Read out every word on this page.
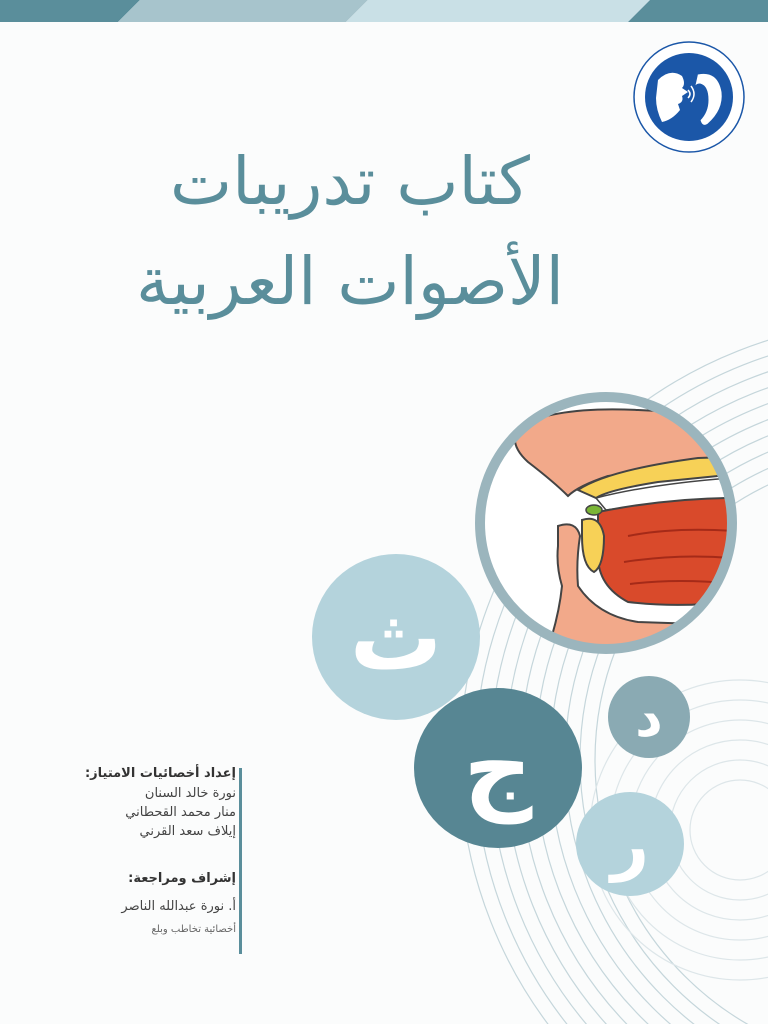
كتاب تدريبات
الأصوات العربية
ث
ج	د
ر
إعداد أخصائيات الامتياز:
نورة خالد السنان
منار محمد القحطاني
إيلاف سعد القرني
إشراف ومراجعة:
أ. نورة عبدالله الناصر
أخصائية تخاطب وبلع
